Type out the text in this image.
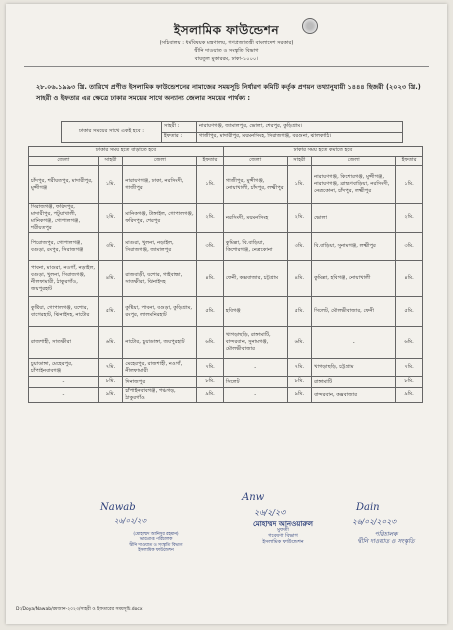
ইসলামিক ফাউন্ডেশন
(সচিবালয় : ধর্মবিষয়ক মন্ত্রণালয়, গণপ্রজাতন্ত্রী বাংলাদেশ সরকার)
দ্বীনি দাওয়াত ও সংস্কৃতি বিভাগ
বায়তুল মুকাররম, ঢাকা-১০০০।
২৮.০৬.১৯৯৩ খ্রি. তারিখে প্রণীত ইসলামিক ফাউন্ডেশনের নামাজের সময়সূচি নির্ধারণ কমিটি কর্তৃক প্রণয়ন তথ্যানুযায়ী ১৪৪৪ হিজরী (২০২৩ খ্রি.) সাহরী ও ইফতার এর ক্ষেত্রে ঢাকার সময়ের সাথে অন্যান্য জেলার সময়ের পার্থক্য :
ঢাকার সময়ের সাথে একই হবে :	সাহরী :	নারায়ণগঞ্জ, জামালপুর, ভোলা, শেরপুর, কুড়িগ্রাম।
	ইফতার :	গাজীপুর, মাদারীপুর, ময়মনসিংহ, সিরাজগঞ্জ, বরগুনা, ঝালকাঠি।
ঢাকার সময় হতে বাড়াতে হবে				ঢাকার সময় হতে কমাতে হবে			
জেলা	সাহরী	জেলা	ইফতার	জেলা	সাহরী	জেলা	ইফতার
চাঁদপুর, শরীয়তপুর, মাদারীপুর, মুন্সীগঞ্জ	১মি.	নারায়ণগঞ্জ, ঢাকা, নরসিংদী, গাজীপুর	১মি.	গাজীপুর, মুন্সীগঞ্জ, নোয়াখালী, চাঁদপুর, লক্ষ্মীপুর	১মি.	নারায়ণগঞ্জ, কিশোরগঞ্জ, মুন্সীগঞ্জ, নারায়ণগঞ্জ, ব্রাহ্মণবাড়িয়া, নরসিংদী, নেত্রকোনা, চাঁদপুর, লক্ষ্মীপুর	১মি.
সিরাজগঞ্জ, ফরিদপুর, মাদারীপুর, পটুয়াখালী, মানিকগঞ্জ, গোপালগঞ্জ, শরীয়তপুর	২মি.	মানিকগঞ্জ, টাঙ্গাইল, গোপালগঞ্জ, ফরিদপুর, শেরপুর	২মি.	নরসিংদী, ময়মনসিংহ	২মি.	ভোলা	২মি.
পিরোজপুর, গোপালগঞ্জ, বগুড়া, রংপুর, সিরাজগঞ্জ	৩মি.	মাগুরা, খুলনা, নড়াইল, সিরাজগঞ্জ, জামালপুর	৩মি.	কুমিল্লা, বি.বাড়িয়া, কিশোরগঞ্জ, নেত্রকোনা	৩মি.	বি.বাড়িয়া, সুনামগঞ্জ, লক্ষ্মীপুর	৩মি.
পাবনা, মাগুরা, নওগাঁ, নড়াইল, বগুড়া, খুলনা, সিরাজগঞ্জ, নীলফামারী, ঠাকুরগাঁও, জয়পুরহাট	৪মি.	রাজবাড়ী, যশোর, গাইবান্ধা, সাতক্ষীরা, ঝিনাইদহ	৪মি.	ফেনী, কক্সবাজার, চট্টগ্রাম	৪মি.	কুমিল্লা, হবিগঞ্জ, নোয়াখালী	৪মি.
কুষ্টিয়া, গোপালগঞ্জ, যশোর, বাগেরহাট, ঝিনাইদহ, নাটোর	৫মি.	কুষ্টিয়া, পাবনা, বগুড়া, কুড়িগ্রাম, রংপুর, লালমনিরহাট	৫মি.	হবিগঞ্জ	৫মি.	সিলেট, মৌলভীবাজার, ফেনী	৫মি.
রাজশাহী, সাতক্ষীরা	৬মি.	নাটোর, চুয়াডাঙ্গা, জয়পুরহাট	৬মি.	খাগড়াছড়ি, রাঙ্গামাটি, বান্দরবান, সুনামগঞ্জ, মৌলভীবাজার	৬মি.	-	৬মি.
চুয়াডাঙ্গা, মেহেরপুর, চাঁপাইনবাবগঞ্জ	৭মি.	মেহেরপুর, রাজশাহী, নওগাঁ, নীলফামারী	৭মি.	-	৭মি.	খাগড়াছড়ি, চট্টগ্রাম	৭মি.
-	৮মি.	দিনাজপুর	৮মি.	সিলেট	৮মি.	রাঙ্গামাটি	৮মি.
-	৯মি.	চাঁপাইনবাবগঞ্জ, পঞ্চগড়, ঠাকুরগাঁও	৯মি.	-	৯মি.	বান্দরবান, কক্সবাজার	৯মি.
Nawab
২৬/০২/২৩
(মোহাম্মদ আনিসুর রহমান)
ভারপ্রাপ্ত পরিচালক
দ্বীনি দাওয়াত ও সংস্কৃতি বিভাগ
ইসলামিক ফাউন্ডেশন
Anw
২৬/২/২৩
মোহাম্মদ আনওয়ারুল
মুফতী
গবেষণা বিভাগ
ইসলামিক ফাউন্ডেশন
Dain
২৬/০২/২০২৩
পরিচালক
দ্বীনি দাওয়াত ও সংস্কৃতি
D:/Doya/Nawab/রমজান-২০২৩/সাহরী ও ইফতারের সময়সূচি.docx
